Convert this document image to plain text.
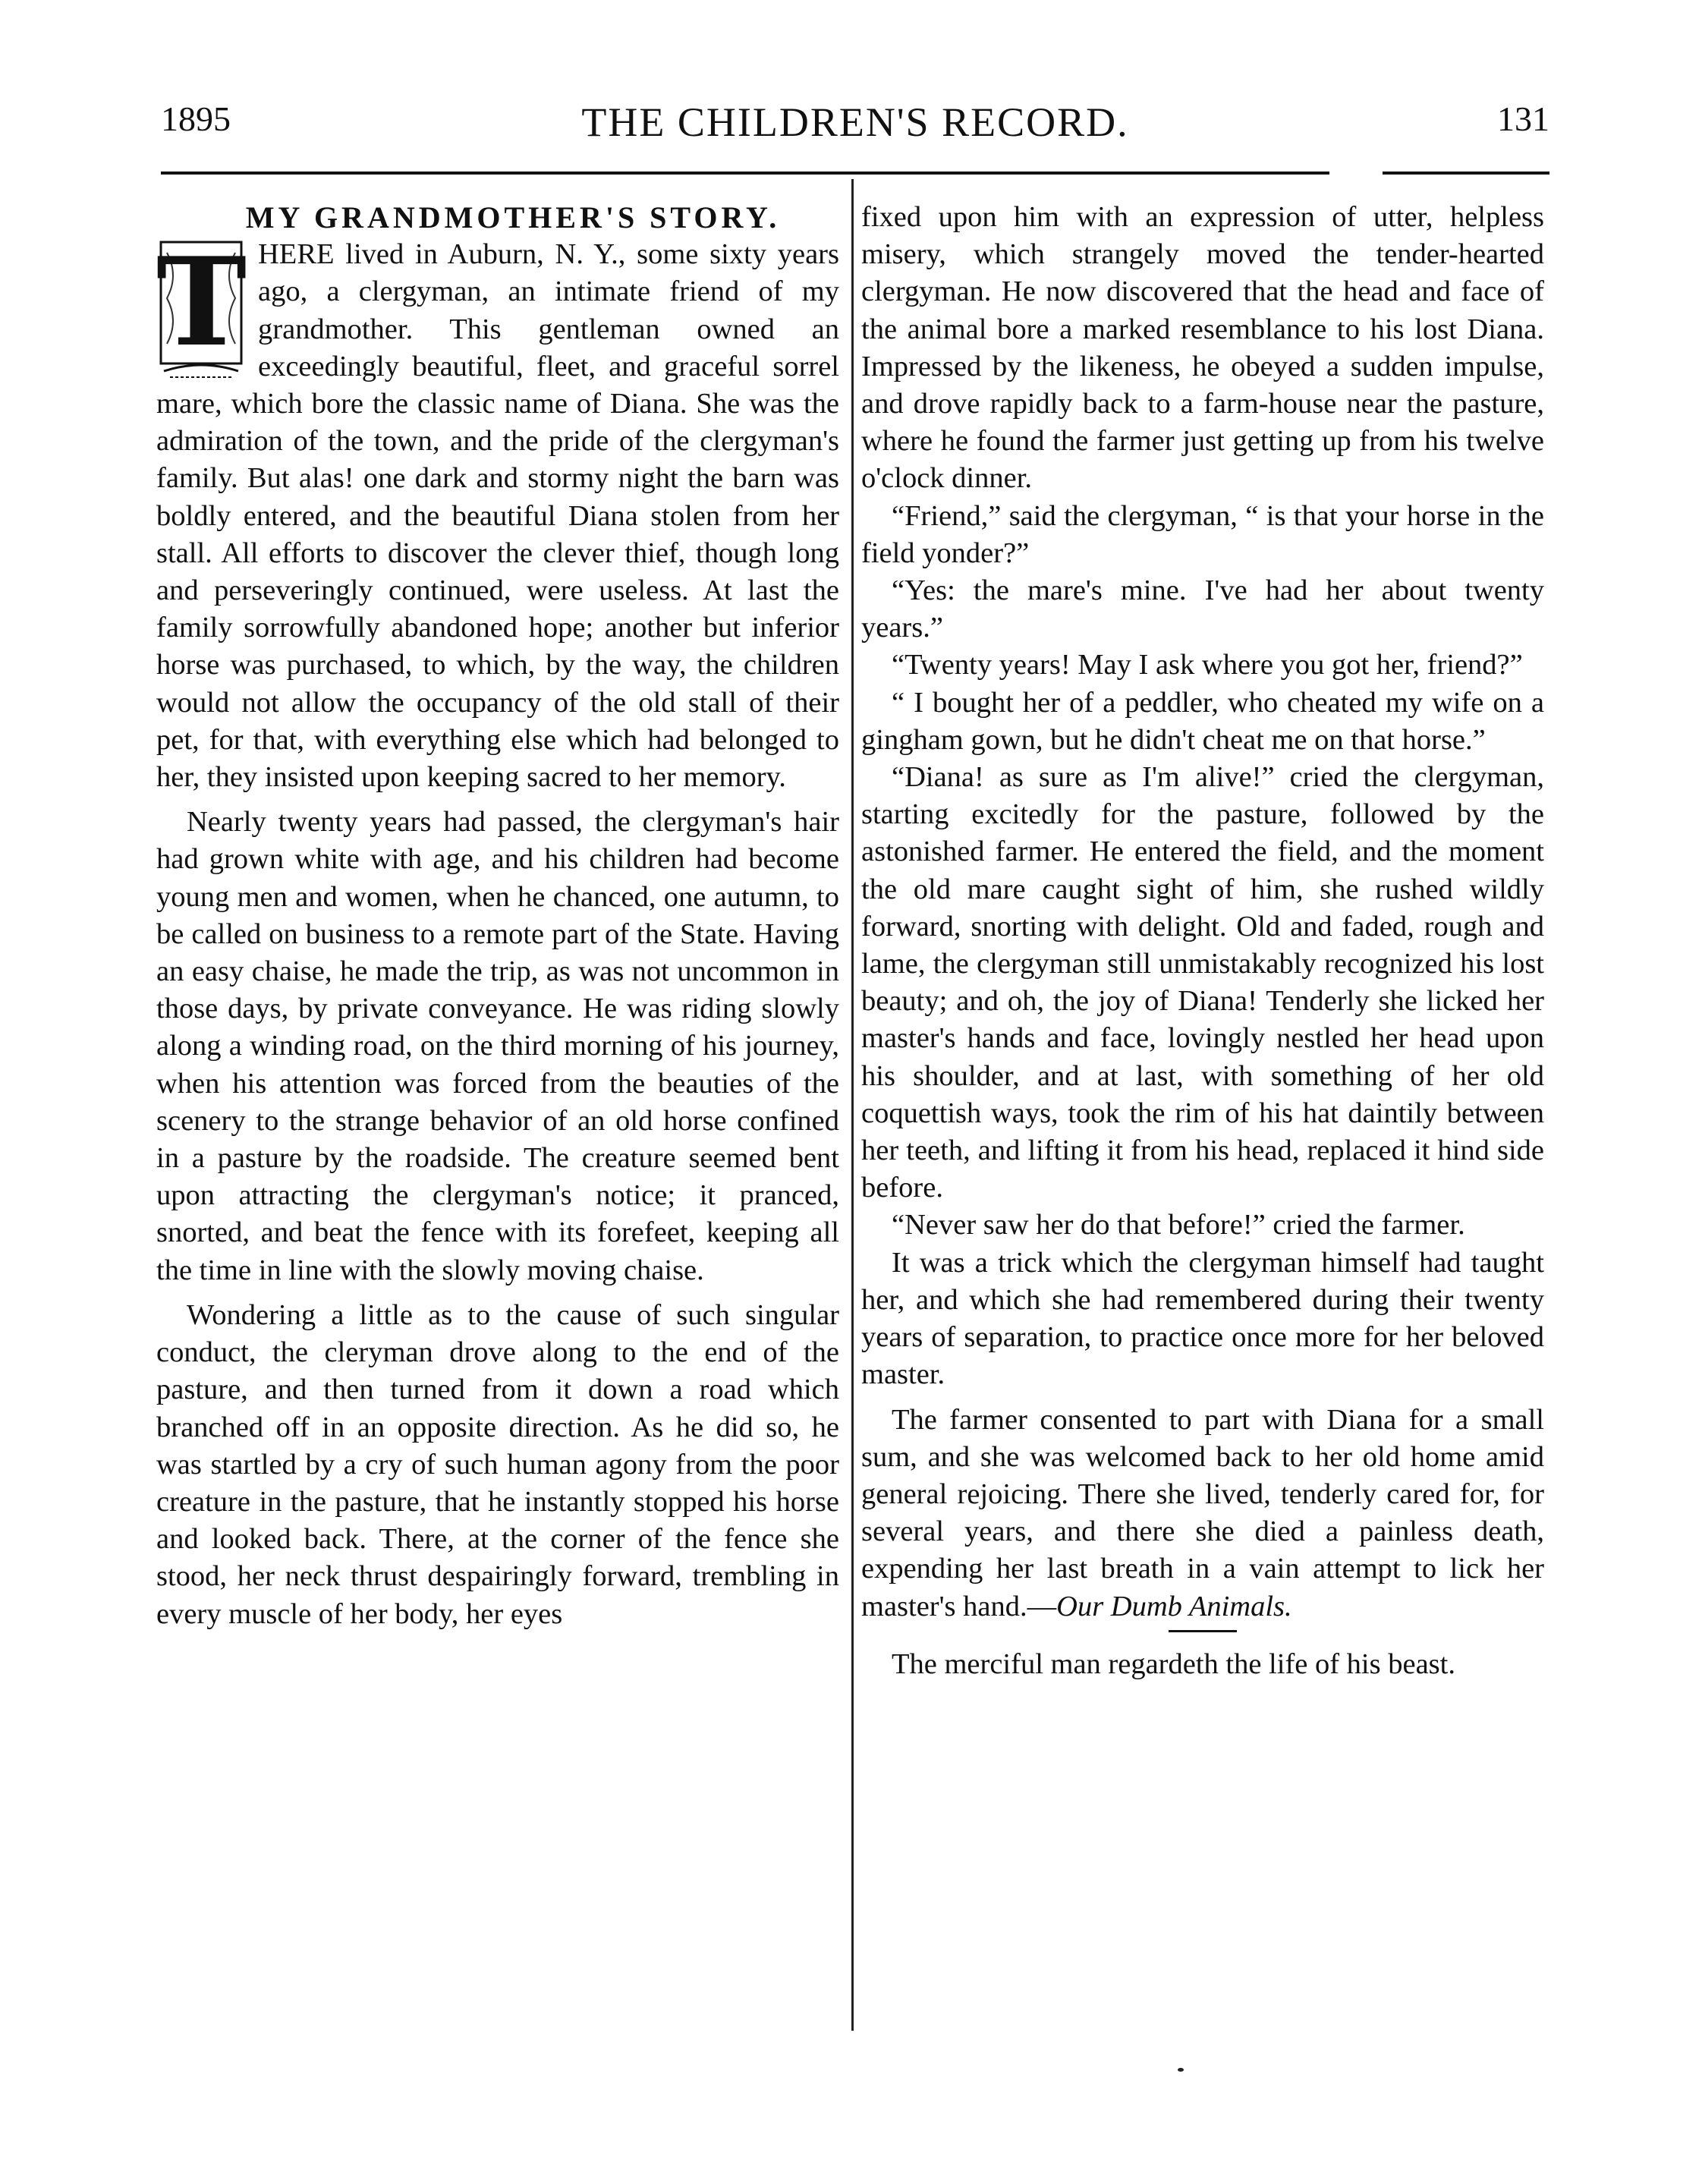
1895	THE CHILDREN'S RECORD.	131

MY GRANDMOTHER'S STORY.

T HERE lived in Auburn, N. Y., some sixty years ago, a clergyman, an intimate friend of my grandmother. This gentleman owned an exceedingly beautiful, fleet, and graceful sorrel mare, which bore the classic name of Diana. She was the admiration of the town, and the pride of the clergyman's family. But alas! one dark and stormy night the barn was boldly entered, and the beautiful Diana stolen from her stall. All efforts to discover the clever thief, though long and perseveringly continued, were useless. At last the family sorrowfully abandoned hope; another but inferior horse was purchased, to which, by the way, the children would not allow the occupancy of the old stall of their pet, for that, with everything else which had belonged to her, they insisted upon keeping sacred to her memory.

Nearly twenty years had passed, the clergyman's hair had grown white with age, and his children had become young men and women, when he chanced, one autumn, to be called on business to a remote part of the State. Having an easy chaise, he made the trip, as was not uncommon in those days, by private conveyance. He was riding slowly along a winding road, on the third morning of his journey, when his attention was forced from the beauties of the scenery to the strange behavior of an old horse confined in a pasture by the roadside. The creature seemed bent upon attracting the clergyman's notice; it pranced, snorted, and beat the fence with its forefeet, keeping all the time in line with the slowly moving chaise.

Wondering a little as to the cause of such singular conduct, the cleryman drove along to the end of the pasture, and then turned from it down a road which branched off in an opposite direction. As he did so, he was startled by a cry of such human agony from the poor creature in the pasture, that he instantly stopped his horse and looked back. There, at the corner of the fence she stood, her neck thrust despairingly forward, trembling in every muscle of her body, her eyes

fixed upon him with an expression of utter, helpless misery, which strangely moved the tender-hearted clergyman. He now discovered that the head and face of the animal bore a marked resemblance to his lost Diana. Impressed by the likeness, he obeyed a sudden impulse, and drove rapidly back to a farm-house near the pasture, where he found the farmer just getting up from his twelve o'clock dinner.

“Friend,” said the clergyman, “ is that your horse in the field yonder?”

“Yes: the mare's mine. I've had her about twenty years.”

“Twenty years! May I ask where you got her, friend?”

“ I bought her of a peddler, who cheated my wife on a gingham gown, but he didn't cheat me on that horse.”

“Diana! as sure as I'm alive!” cried the clergyman, starting excitedly for the pasture, followed by the astonished farmer. He entered the field, and the moment the old mare caught sight of him, she rushed wildly forward, snorting with delight. Old and faded, rough and lame, the clergyman still unmistakably recognized his lost beauty; and oh, the joy of Diana! Tenderly she licked her master's hands and face, lovingly nestled her head upon his shoulder, and at last, with something of her old coquettish ways, took the rim of his hat daintily between her teeth, and lifting it from his head, replaced it hind side before.

“Never saw her do that before!” cried the farmer.

It was a trick which the clergyman himself had taught her, and which she had remembered during their twenty years of separation, to practice once more for her beloved master.

The farmer consented to part with Diana for a small sum, and she was welcomed back to her old home amid general rejoicing. There she lived, tenderly cared for, for several years, and there she died a painless death, expending her last breath in a vain attempt to lick her master's hand.—Our Dumb Animals.

The merciful man regardeth the life of his beast.
